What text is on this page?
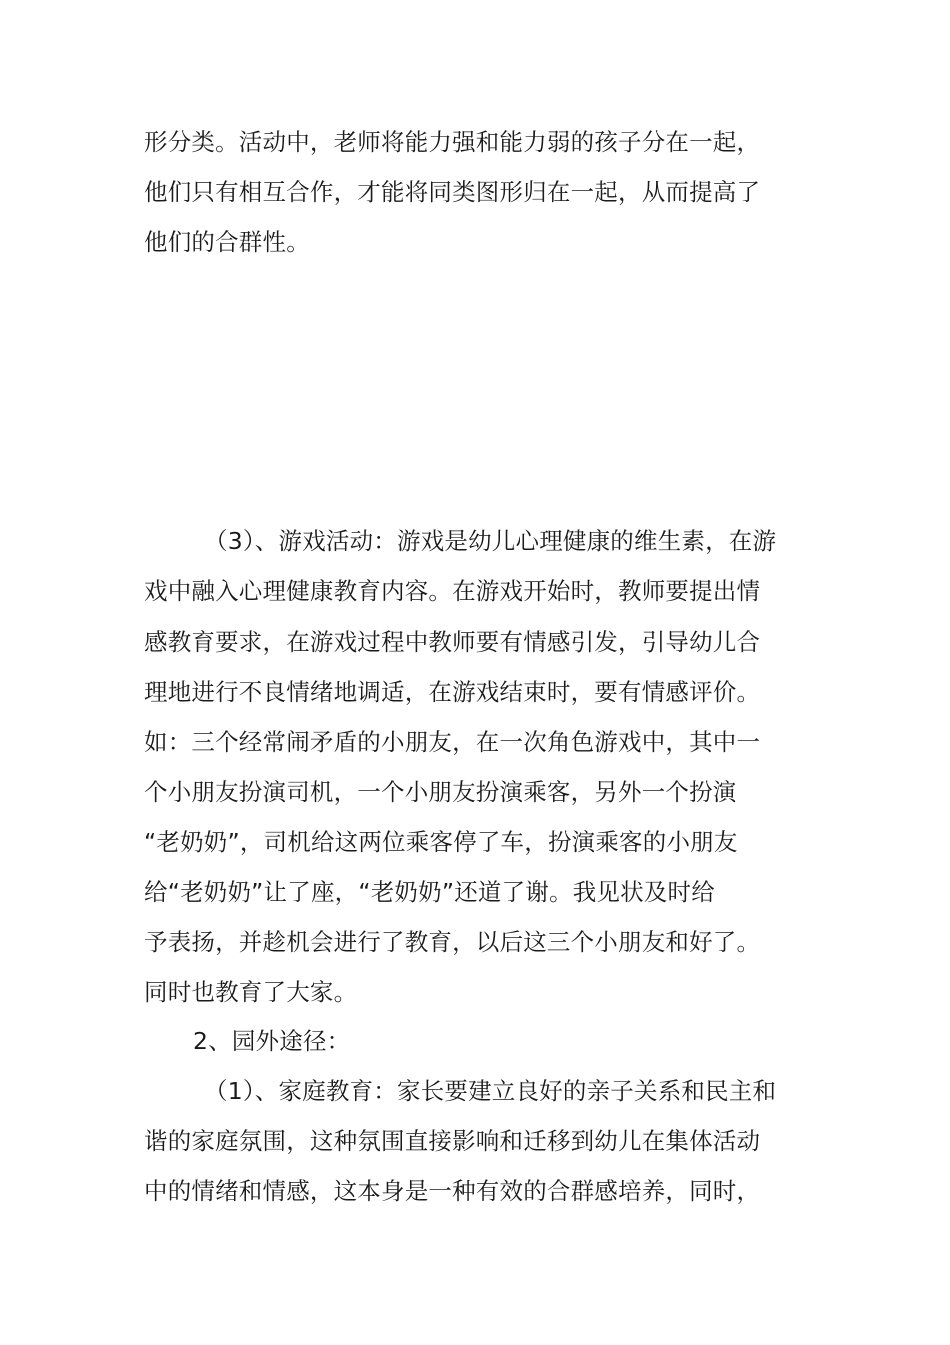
形分类。活动中，老师将能力强和能力弱的孩子分在一起，
他们只有相互合作，才能将同类图形归在一起，从而提高了
他们的合群性。
（3）、游戏活动：游戏是幼儿心理健康的维生素，在游
戏中融入心理健康教育内容。在游戏开始时，教师要提出情
感教育要求，在游戏过程中教师要有情感引发，引导幼儿合
理地进行不良情绪地调适，在游戏结束时，要有情感评价。
如：三个经常闹矛盾的小朋友，在一次角色游戏中，其中一
个小朋友扮演司机，一个小朋友扮演乘客，另外一个扮演
“老奶奶”，司机给这两位乘客停了车，扮演乘客的小朋友
给“老奶奶”让了座，“老奶奶”还道了谢。我见状及时给
予表扬，并趁机会进行了教育，以后这三个小朋友和好了。
同时也教育了大家。
2、园外途径：
（1）、家庭教育：家长要建立良好的亲子关系和民主和
谐的家庭氛围，这种氛围直接影响和迁移到幼儿在集体活动
中的情绪和情感，这本身是一种有效的合群感培养，同时，
